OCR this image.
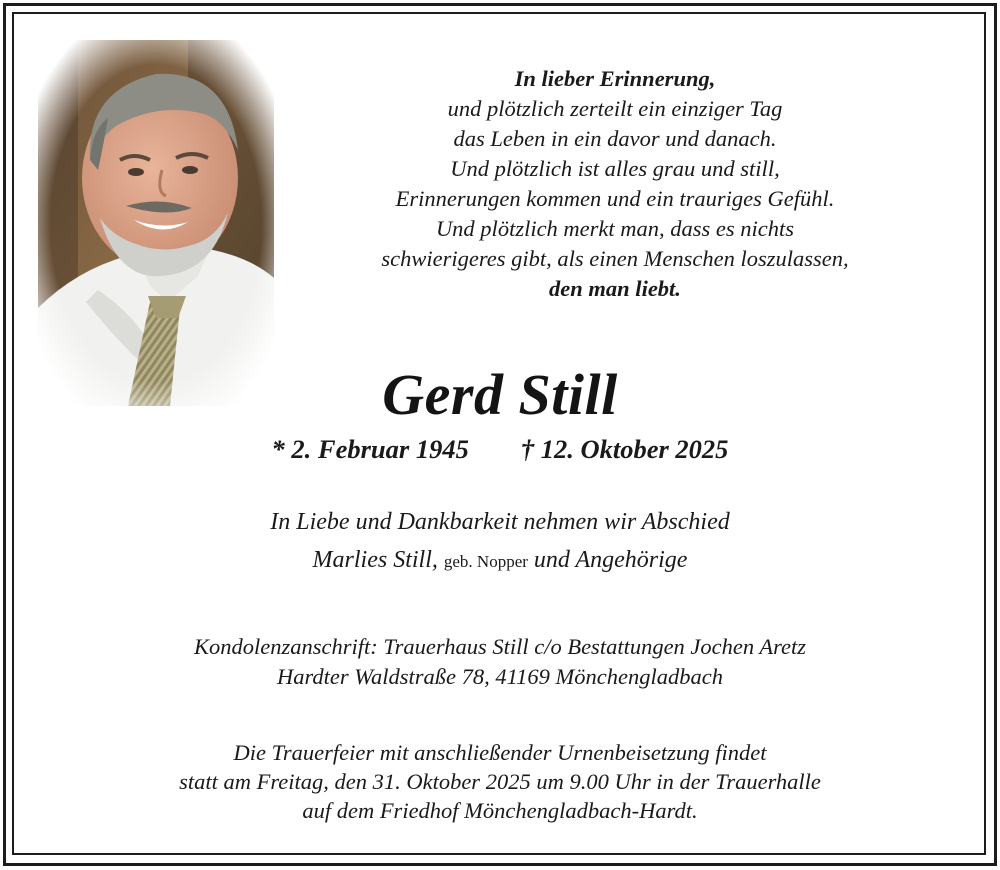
In lieber Erinnerung,
und plötzlich zerteilt ein einziger Tag
das Leben in ein davor und danach.
Und plötzlich ist alles grau und still,
Erinnerungen kommen und ein trauriges Gefühl.
Und plötzlich merkt man, dass es nichts
schwierigeres gibt, als einen Menschen loszulassen,
den man liebt.
Gerd Still
* 2. Februar 1945 † 12. Oktober 2025
In Liebe und Dankbarkeit nehmen wir Abschied
Marlies Still, geb. Nopper und Angehörige
Kondolenzanschrift: Trauerhaus Still c/o Bestattungen Jochen Aretz
Hardter Waldstraße 78, 41169 Mönchengladbach
Die Trauerfeier mit anschließender Urnenbeisetzung findet
statt am Freitag, den 31. Oktober 2025 um 9.00 Uhr in der Trauerhalle
auf dem Friedhof Mönchengladbach-Hardt.
